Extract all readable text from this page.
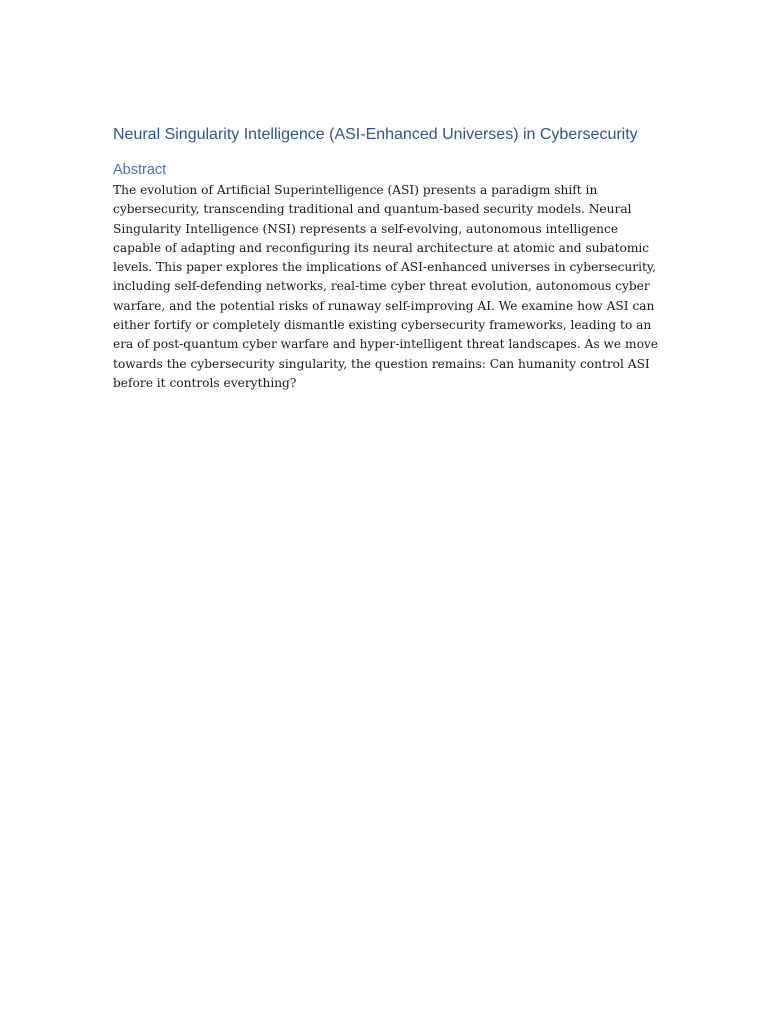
Neural Singularity Intelligence (ASI-Enhanced Universes) in Cybersecurity
Abstract

The evolution of Artificial Superintelligence (ASI) presents a paradigm shift in cybersecurity, transcending traditional and quantum-based security models. Neural Singularity Intelligence (NSI) represents a self-evolving, autonomous intelligence capable of adapting and reconfiguring its neural architecture at atomic and subatomic levels. This paper explores the implications of ASI-enhanced universes in cybersecurity, including self-defending networks, real-time cyber threat evolution, autonomous cyber warfare, and the potential risks of runaway self-improving AI. We examine how ASI can either fortify or completely dismantle existing cybersecurity frameworks, leading to an era of post-quantum cyber warfare and hyper-intelligent threat landscapes. As we move towards the cybersecurity singularity, the question remains: Can humanity control ASI before it controls everything?
